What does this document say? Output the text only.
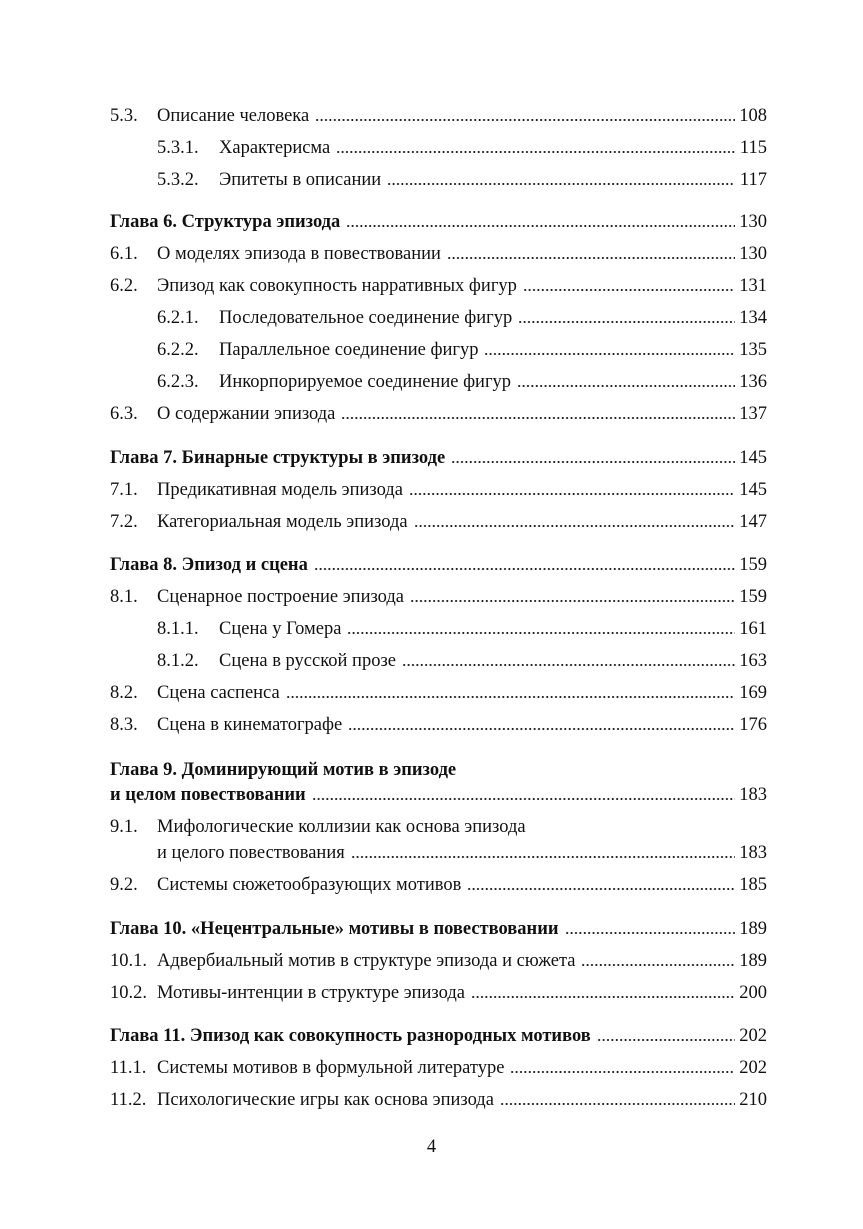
5.3.	Описание человека	108
5.3.1.	Характерисма	115
5.3.2.	Эпитеты в описании	117
Глава 6. Структура эпизода	130
6.1.	О моделях эпизода в повествовании	130
6.2.	Эпизод как совокупность нарративных фигур	131
6.2.1.	Последовательное соединение фигур	134
6.2.2.	Параллельное соединение фигур	135
6.2.3.	Инкорпорируемое соединение фигур	136
6.3.	О содержании эпизода	137
Глава 7. Бинарные структуры в эпизоде	145
7.1.	Предикативная модель эпизода	145
7.2.	Категориальная модель эпизода	147
Глава 8. Эпизод и сцена	159
8.1.	Сценарное построение эпизода	159
8.1.1.	Сцена у Гомера	161
8.1.2.	Сцена в русской прозе	163
8.2.	Сцена саспенса	169
8.3.	Сцена в кинематографе	176
Глава 9. Доминирующий мотив в эпизоде
и целом повествовании	183
9.1. Мифологические коллизии как основа эпизода
и целого повествования	183
9.2.	Системы сюжетообразующих мотивов	185
Глава 10. «Нецентральные» мотивы в повествовании	189
10.1. Адвербиальный мотив в структуре эпизода и сюжета	189
10.2. Мотивы-интенции в структуре эпизода	200
Глава 11. Эпизод как совокупность разнородных мотивов	202
11.1. Системы мотивов в формульной литературе	202
11.2. Психологические игры как основа эпизода	210
4
